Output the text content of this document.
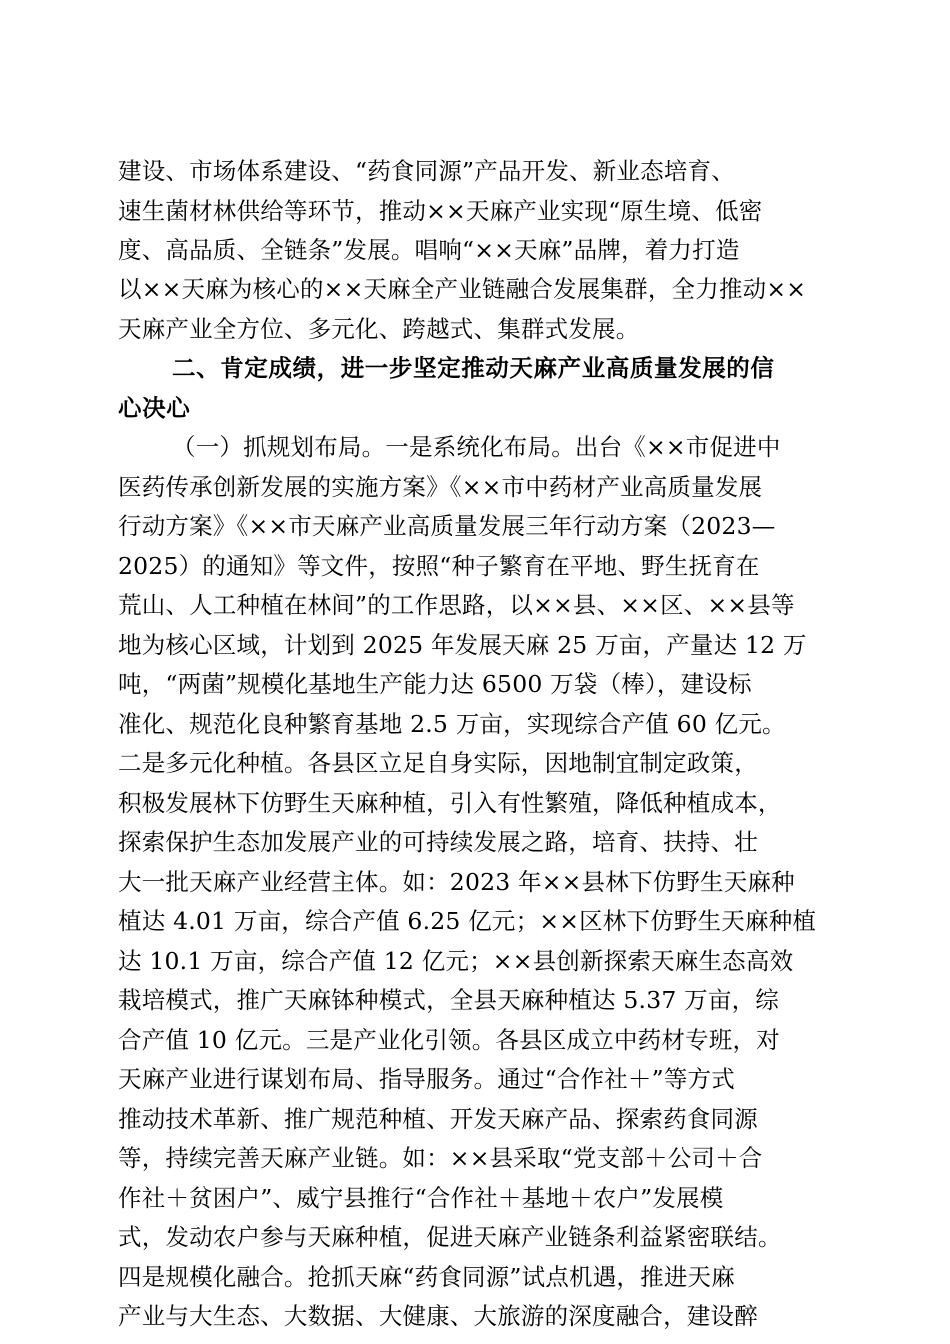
建设、市场体系建设、“药食同源”产品开发、新业态培育、
速生菌材林供给等环节，推动××天麻产业实现“原生境、低密
度、高品质、全链条”发展。唱响“××天麻”品牌，着力打造
以××天麻为核心的××天麻全产业链融合发展集群，全力推动××
天麻产业全方位、多元化、跨越式、集群式发展。
二、肯定成绩，进一步坚定推动天麻产业高质量发展的信
心决心
（一）抓规划布局。一是系统化布局。出台《××市促进中
医药传承创新发展的实施方案》《××市中药材产业高质量发展
行动方案》《××市天麻产业高质量发展三年行动方案（2023—
2025）的通知》等文件，按照“种子繁育在平地、野生抚育在
荒山、人工种植在林间”的工作思路，以××县、××区、××县等
地为核心区域，计划到 2025 年发展天麻 25 万亩，产量达 12 万
吨，“两菌”规模化基地生产能力达 6500 万袋（棒），建设标
准化、规范化良种繁育基地 2.5 万亩，实现综合产值 60 亿元。
二是多元化种植。各县区立足自身实际，因地制宜制定政策，
积极发展林下仿野生天麻种植，引入有性繁殖，降低种植成本，
探索保护生态加发展产业的可持续发展之路，培育、扶持、壮
大一批天麻产业经营主体。如：2023 年××县林下仿野生天麻种
植达 4.01 万亩，综合产值 6.25 亿元；××区林下仿野生天麻种植
达 10.1 万亩，综合产值 12 亿元；××县创新探索天麻生态高效
栽培模式，推广天麻钵种模式，全县天麻种植达 5.37 万亩，综
合产值 10 亿元。三是产业化引领。各县区成立中药材专班，对
天麻产业进行谋划布局、指导服务。通过“合作社＋”等方式
推动技术革新、推广规范种植、开发天麻产品、探索药食同源
等，持续完善天麻产业链。如：××县采取“党支部＋公司＋合
作社＋贫困户”、威宁县推行“合作社＋基地＋农户”发展模
式，发动农户参与天麻种植，促进天麻产业链条利益紧密联结。
四是规模化融合。抢抓天麻“药食同源”试点机遇，推进天麻
产业与大生态、大数据、大健康、大旅游的深度融合，建设醉
